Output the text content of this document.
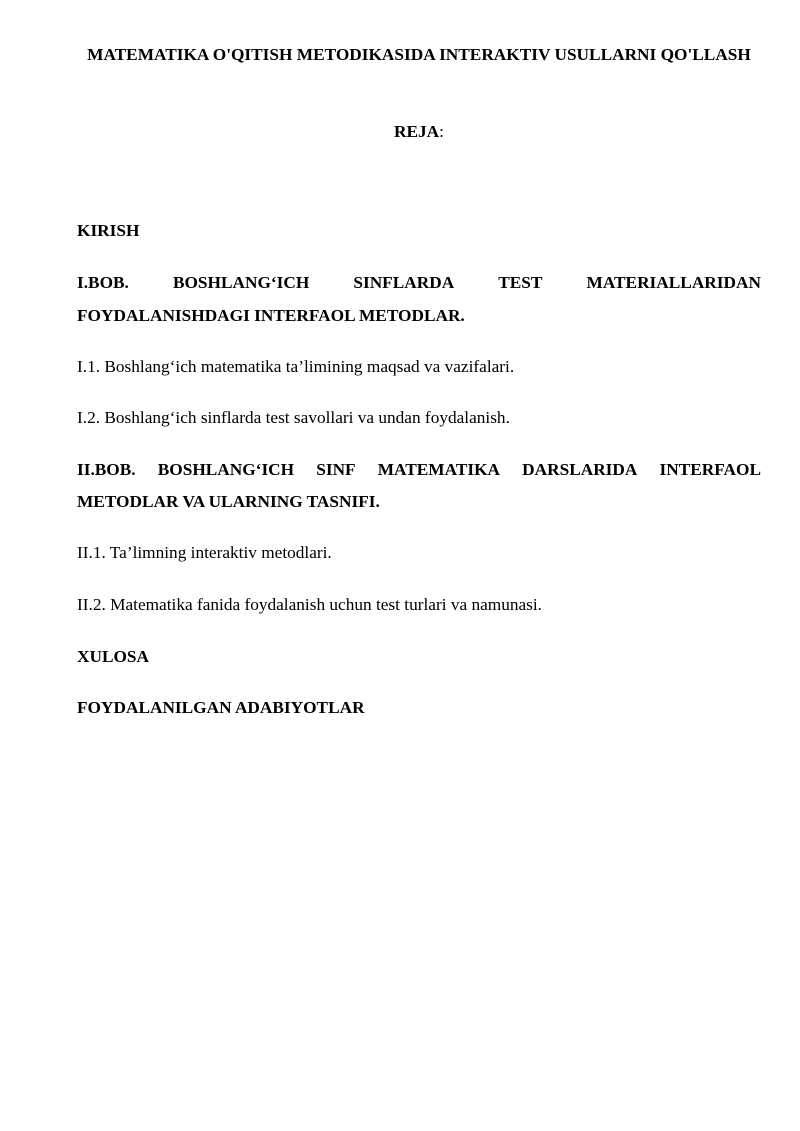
MATEMATIKA O'QITISH METODIKASIDA INTERAKTIV USULLARNI QO'LLASH
REJA:
KIRISH
I.BOB.	BOSHLANG‘ICH	SINFLARDA	TEST	MATERIALLARIDAN
FOYDALANISHDAGI INTERFAOL METODLAR.
I.1. Boshlang‘ich matematika ta’limining maqsad va vazifalari.
I.2. Boshlang‘ich sinflarda test savollari va undan foydalanish.
II.BOB. BOSHLANG‘ICH SINF MATEMATIKA DARSLARIDA INTERFAOL
METODLAR VA ULARNING TASNIFI.
II.1. Ta’limning interaktiv metodlari.
II.2. Matematika fanida foydalanish uchun test turlari va namunasi.
XULOSA
FOYDALANILGAN ADABIYOTLAR
